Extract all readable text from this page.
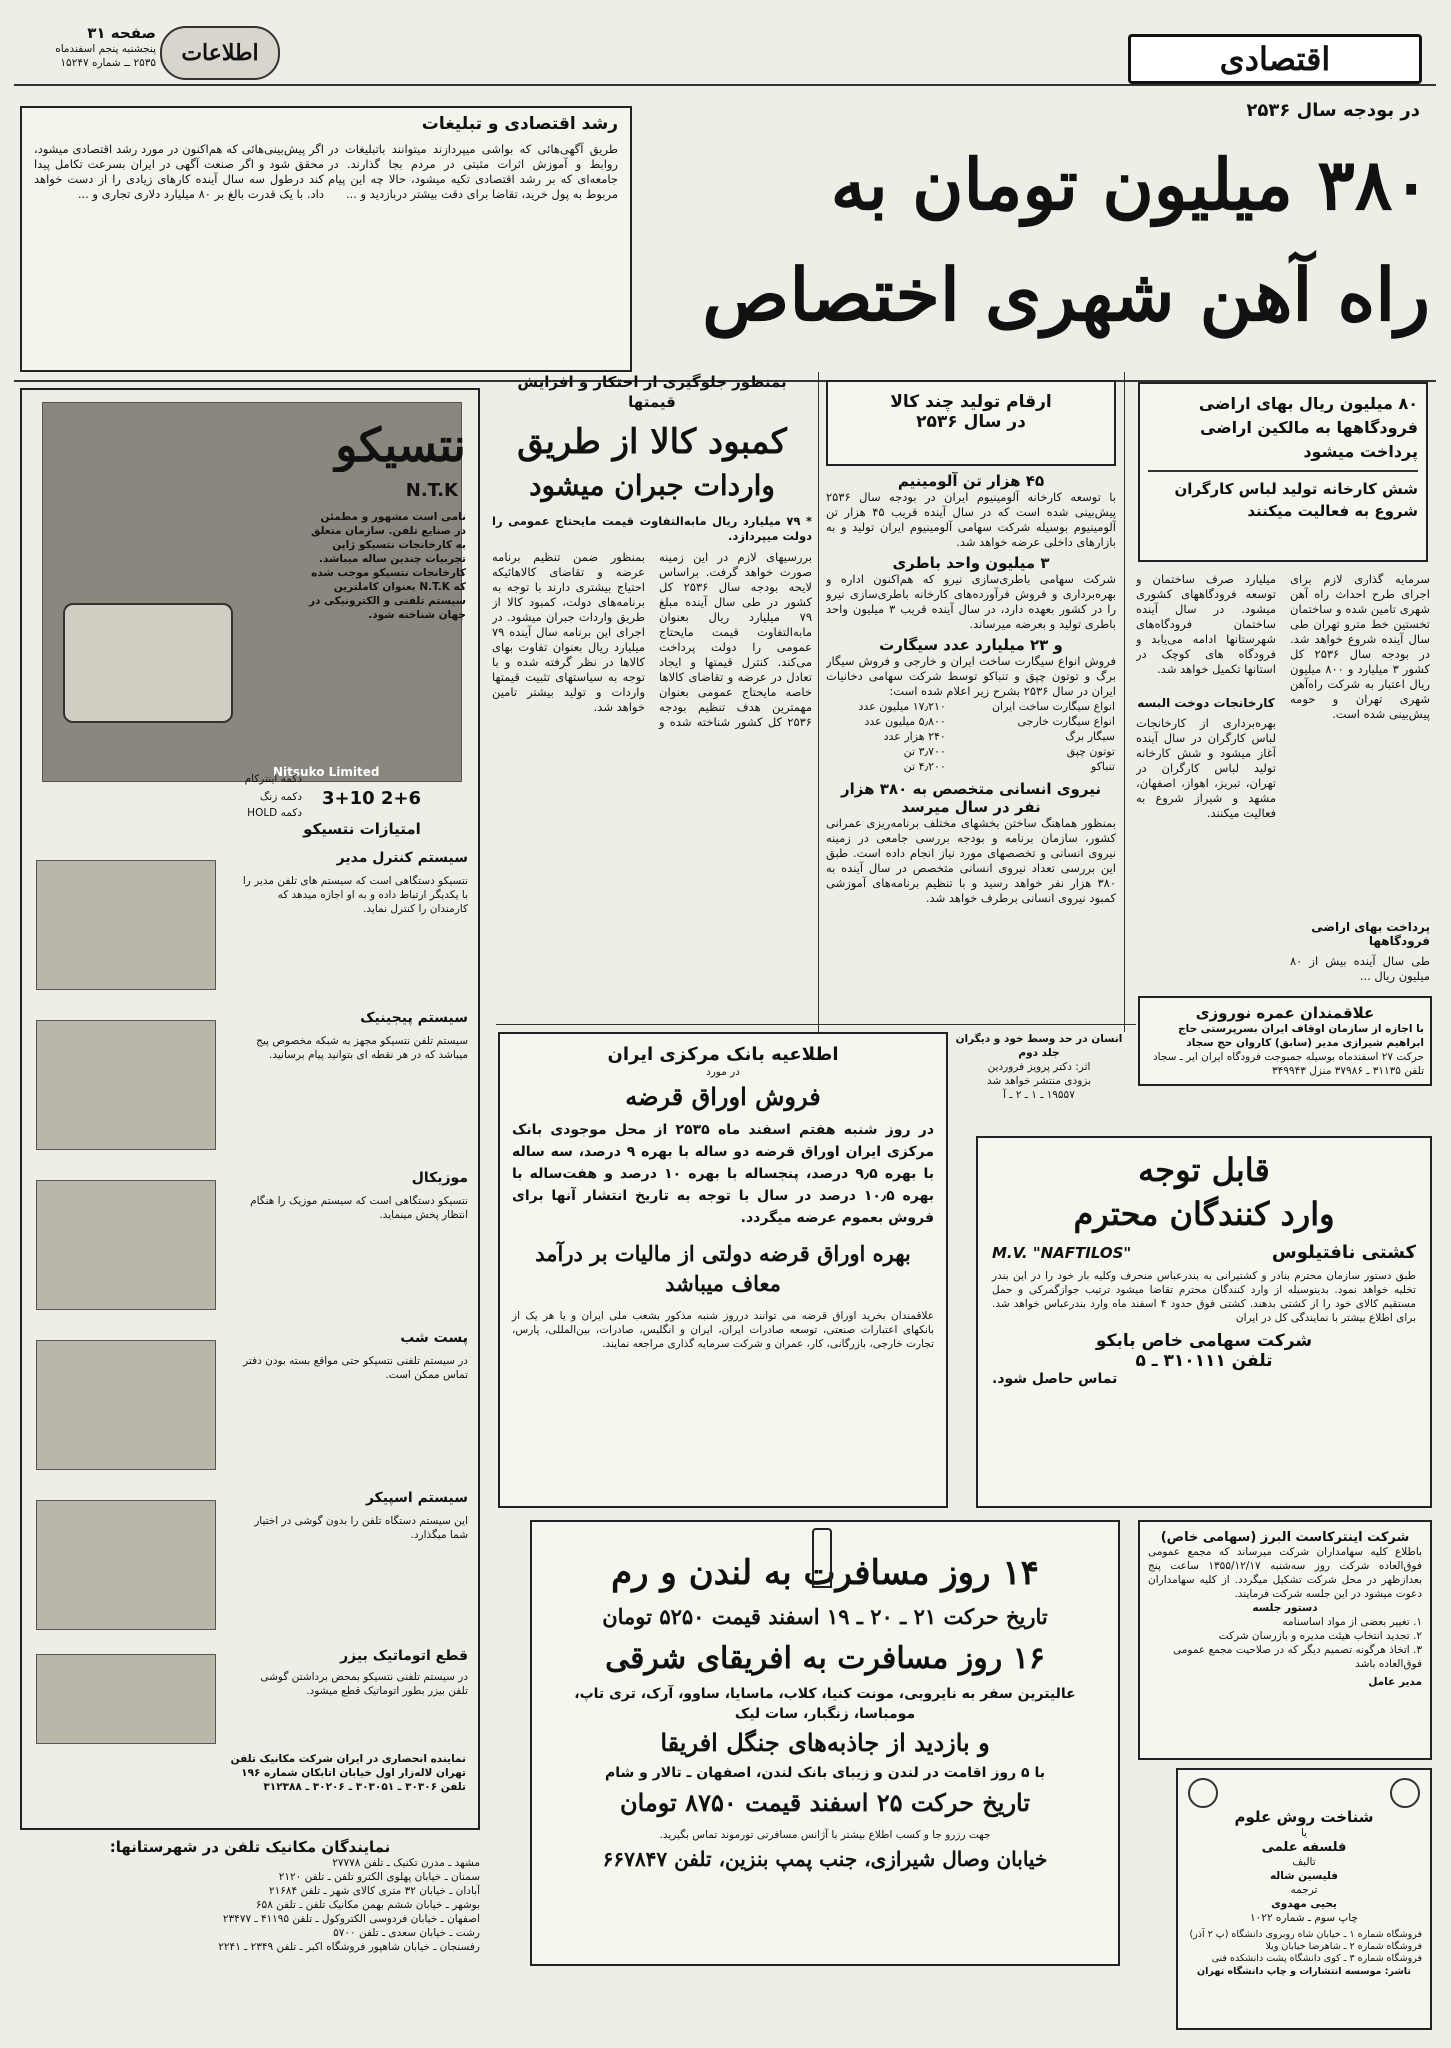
اقتصادی
صفحه ۳۱
پنجشنبه پنجم اسفندماه
۲۵۳۵ ــ شماره ۱۵۲۴۷	اطلاعات
در بودجه سال ۲۵۳۶
۳۸۰ میلیون تومان به
راه آهن شهری اختصاص
رشد اقتصادی و تبلیغات
طریق آگهی‌هائی که بواشی میپردازند میتوانند باتبلیغات در روابط و آموزش اثرات مثبتی در مردم بجا گذارند. در جامعه‌ای که بر رشد اقتصادی تکیه میشود، حالا چه این پیام مربوط به پول خرید، تقاضا برای دقت بیشتر دربازدید و ...
اگر پیش‌بینی‌هائی که هم‌اکنون در مورد رشد اقتصادی میشود، محقق شود و اگر صنعت آگهی در ایران بسرعت تکامل پیدا کند درطول سه سال آینده کارهای زیادی را از دست خواهد داد. با یک قدرت بالغ بر ۸۰ میلیارد دلاری تجاری و ...
Nitsuko Limited
نتسیکو
N.T.K
نامی است مشهور و مطمئن در صنایع تلفن. سازمان متعلق به کارخانجات نتسیکو ژاپن تجربیات چندین ساله میباشد. کارخانجات نتسیکو موجب شده که N.T.K بعنوان کاملترین سیستم تلفنی و الکترونیکی در جهان شناخته شود.
دکمه زنگ
دکمه HOLD
دکمه اینترکام
3+10 2+6
امتیازات نتسیکو
سیستم کنترل مدیر
نتسیکو دستگاهی است که سیستم های تلفن مدیر را با یکدیگر ارتباط داده و به او اجازه میدهد که کارمندان را کنترل نماید.
سیستم پیجینیک
سیستم تلفن نتسیکو مجهز به شبکه مخصوص پیج میباشد که در هر نقطه ای بتوانید پیام برسانید.
موزیکال
نتسیکو دستگاهی است که سیستم موزیک را هنگام انتظار پخش مینماید.
پست شب
در سیستم تلفنی نتسیکو حتی مواقع بسته بودن دفتر تماس ممکن است.
سیستم اسپیکر
این سیستم دستگاه تلفن را بدون گوشی در اختیار شما میگذارد.
قطع اتوماتیک بیزر
در سیستم تلفنی نتسیکو بمحض برداشتن گوشی تلفن بیزر بطور اتوماتیک قطع میشود.
نماینده انحصاری در ایران شرکت مکانیک تلفن
تهران لاله‌زار اول خیابان اتابکان شماره ۱۹۶
تلفن ۳۰۳۰۶ ـ ۳۰۳۰۵۱ ـ ۳۰۲۰۶ ـ ۳۱۲۳۸۸
نمایندگان مکانیک تلفن در شهرستانها:
مشهد ـ مدرن تکنیک ـ تلفن ۲۷۷۷۸
سمنان ـ خیابان پهلوی الکترو تلفن ـ تلفن ۲۱۲۰
آبادان ـ خیابان ۳۲ متری کالای شهر ـ تلفن ۲۱۶۸۴
بوشهر ـ خیابان ششم بهمن مکانیک تلفن ـ تلفن ۶۵۸
اصفهان ـ خیابان فردوسی الکتروکول ـ تلفن ۴۱۱۹۵ ـ ۲۳۴۷۷
رشت ـ خیابان سعدی ـ تلفن ۵۷۰۰
رفسنجان ـ خیابان شاهپور فروشگاه اکبر ـ تلفن ۲۳۴۹ ـ ۲۲۴۱
بمنظور جلوگیری از احتکار و افزایش قیمتها
کمبود کالا از طریق
واردات جبران میشود
* ۷۹ میلیارد ریال مابه‌التفاوت قیمت مایحتاج عمومی را دولت میپردازد.
بررسیهای لازم در این زمینه صورت خواهد گرفت. براساس لایحه بودجه سال ۲۵۳۶ کل کشور در طی سال آینده مبلغ ۷۹ میلیارد ریال بعنوان مابه‌التفاوت قیمت مایحتاج عمومی را دولت پرداخت می‌کند. کنترل قیمتها و ایجاد تعادل در عرضه و تقاضای کالاها خاصه مایحتاج عمومی بعنوان مهمترین هدف تنظیم بودجه ۲۵۳۶ کل کشور شناخته شده و بمنظور ضمن تنظیم برنامه عرضه و تقاضای کالاهائیکه احتیاج بیشتری دارند با توجه به برنامه‌های دولت، کمبود کالا از طریق واردات جبران میشود. در اجرای این برنامه سال آینده ۷۹ میلیارد ریال بعنوان تفاوت بهای کالاها در نظر گرفته شده و با توجه به سیاستهای تثبیت قیمتها واردات و تولید بیشتر تامین خواهد شد.
ارقام تولید چند کالا
در سال ۲۵۳۶
۴۵ هزار تن آلومینیم
با توسعه کارخانه آلومینیوم ایران در بودجه سال ۲۵۳۶ پیش‌بینی شده است که در سال آینده قریب ۴۵ هزار تن آلومینیوم بوسیله شرکت سهامی آلومینیوم ایران تولید و به بازارهای داخلی عرضه خواهد شد.
۳ میلیون واحد باطری
شرکت سهامی باطری‌سازی نیرو که هم‌اکنون اداره و بهره‌برداری و فروش فرآورده‌های کارخانه باطری‌سازی نیرو را در کشور بعهده دارد، در سال آینده قریب ۳ میلیون واحد باطری تولید و بعرضه میرساند.
و ۲۳ میلیارد عدد سیگارت
فروش انواع سیگارت ساخت ایران و خارجی و فروش سیگار برگ و توتون چپق و تنباکو توسط شرکت سهامی دخانیات ایران در سال ۲۵۳۶ بشرح زیر اعلام شده است:
انواع سیگارت ساخت ایران	۱۷٫۲۱۰ میلیون عدد
انواع سیگارت خارجی	۵٫۸۰۰ میلیون عدد
سیگار برگ	۲۴۰ هزار عدد
توتون چپق	۳٫۷۰۰ تن
تنباکو	۴٫۲۰۰ تن
نیروی انسانی متخصص به ۳۸۰ هزار نفر در سال میرسد
بمنظور هماهنگ ساختن بخشهای مختلف برنامه‌ریزی عمرانی کشور، سازمان برنامه و بودجه بررسی جامعی در زمینه نیروی انسانی و تخصصهای مورد نیاز انجام داده است. طبق این بررسی تعداد نیروی انسانی متخصص در سال آینده به ۳۸۰ هزار نفر خواهد رسید و با تنظیم برنامه‌های آموزشی کمبود نیروی انسانی برطرف خواهد شد.
۸۰ میلیون ریال بهای اراضی فرودگاهها به مالکین اراضی پرداخت میشود
شش کارخانه تولید لباس کارگران شروع به فعالیت میکنند
سرمایه گذاری لازم برای اجرای طرح احداث راه آهن شهری تامین شده و ساختمان تخستین خط مترو تهران طی سال آینده شروع خواهد شد. در بودجه سال ۲۵۳۶ کل کشور ۳ میلیارد و ۸۰۰ میلیون ریال اعتبار به شرکت راه‌آهن شهری تهران و حومه پیش‌بینی شده است.
میلیارد صرف ساختمان و توسعه فرودگاههای کشوری میشود. در سال آینده ساختمان فرودگاه‌های شهرستانها ادامه می‌یابد و فرودگاه های کوچک در استانها تکمیل خواهد شد.
کارخانجات دوخت البسه
بهره‌برداری از کارخانجات لباس کارگران در سال آینده آغاز میشود و شش کارخانه تولید لباس کارگران در تهران، تبریز، اهواز، اصفهان، مشهد و شیراز شروع به فعالیت میکنند.
پرداخت بهای اراضی فرودگاهها
طی سال آینده بیش از ۸۰ میلیون ریال ...
انسان در حد وسط خود و دیگران
جلد دوم
اثر: دکتر پرویز فروردین
بزودی منتشر خواهد شد
۱۹۵۵۷ ـ ۱ ـ ۲ ـ آ
علاقمندان عمره نوروزی
با اجازه از سازمان اوقاف ایران بسرپرستی حاج ابراهیم شیرازی مدیر (سابق) کاروان حج سجاد
حرکت ۲۷ اسفندماه بوسیله جمبوجت فرودگاه ایران ایر ـ سجاد تلفن ۳۱۱۳۵ ـ ۳۷۹۸۶ منزل ۳۴۹۹۴۳
اطلاعیه بانک مرکزی ایران
در مورد
فروش اوراق قرضه
در روز شنبه هفتم اسفند ماه ۲۵۳۵ از محل موجودی بانک مرکزی ایران اوراق قرضه دو ساله با بهره ۹ درصد، سه ساله با بهره ۹٫۵ درصد، پنجساله با بهره ۱۰ درصد و هفت‌ساله با بهره ۱۰٫۵ درصد در سال با توجه به تاریخ انتشار آنها برای فروش بعموم عرضه میگردد.
بهره اوراق قرضه دولتی از مالیات بر درآمد معاف میباشد
علاقمندان بخرید اوراق قرضه می توانند درروز شنبه مذکور بشعب ملی ایران و یا هر یک از بانکهای اعتبارات صنعتی، توسعه صادرات ایران، ایران و انگلیس، صادرات، بین‌المللی، پارس، تجارت خارجی، بازرگانی، کار، عمران و شرکت سرمایه گذاری مراجعه نمایند.
قابل توجه
وارد کنندگان محترم
کشتی نافتیلوس
M.V. "NAFTILOS"
طبق دستور سازمان محترم بنادر و کشتیرانی به بندرعباس منحرف وکلیه بار خود را در این بندر تخلیه خواهد نمود. بدینوسیله از وارد کنندگان محترم تقاضا میشود ترتیب جوازگمرکی و حمل مستقیم کالای خود را از کشتی بدهند. کشتی فوق حدود ۴ اسفند ماه وارد بندرعباس خواهد شد. برای اطلاع بیشتر با نمایندگی کل در ایران
شرکت سهامی خاص بابکو
تلفن ۳۱۰۱۱۱ ـ ۵
تماس حاصل شود.
شرکت اینترکاست البرز (سهامی خاص)
باطلاع کلیه سهامداران شرکت میرساند که مجمع عمومی فوق‌العاده شرکت روز سه‌شنبه ۱۳۵۵/۱۲/۱۷ ساعت پنج بعدازظهر در محل شرکت تشکیل میگردد. از کلیه سهامداران دعوت میشود در این جلسه شرکت فرمایند.
دستور جلسه
۱. تغییر بعضی از مواد اساسنامه
۲. تجدید انتخاب هیئت مدیره و بازرسان شرکت
۳. اتخاذ هرگونه تصمیم دیگر که در صلاحیت مجمع عمومی فوق‌العاده باشد
مدیر عامل
۱۴ روز مسافرت به لندن و رم
تاریخ حرکت ۲۱ ـ ۲۰ ـ ۱۹ اسفند قیمت ۵۲۵۰ تومان
۱۶ روز مسافرت به افریقای شرقی
عالیترین سفر به نایروبی، مونت کنیا، کلاب، ماسایا، ساوو، آرک، تری تاپ، مومباسا، زنگبار، سات لیک
و بازدید از جاذبه‌های جنگل افریقا
با ۵ روز اقامت در لندن و زیبای بانک لندن، اصفهان ـ تالار و شام
تاریخ حرکت ۲۵ اسفند قیمت ۸۷۵۰ تومان
جهت رزرو جا و کسب اطلاع بیشتر با آژانس مسافرتی تورموند تماس بگیرید.
خیابان وصال شیرازی، جنب پمپ بنزین، تلفن ۶۶۷۸۴۷
شناخت روش علوم
یا
فلسفه علمی
تالیف
فلیسین شاله
ترجمه
یحیی مهدوی
چاپ سوم ـ شماره ۱۰۲۲
فروشگاه شماره ۱ ـ خیابان شاه روبروی دانشگاه (پ ۲ آذر)
فروشگاه شماره ۲ ـ شاهرضا خیابان ویلا
فروشگاه شماره ۳ ـ کوی دانشگاه پشت دانشکده فنی
ناشر: موسسه انتشارات و چاپ دانشگاه تهران
